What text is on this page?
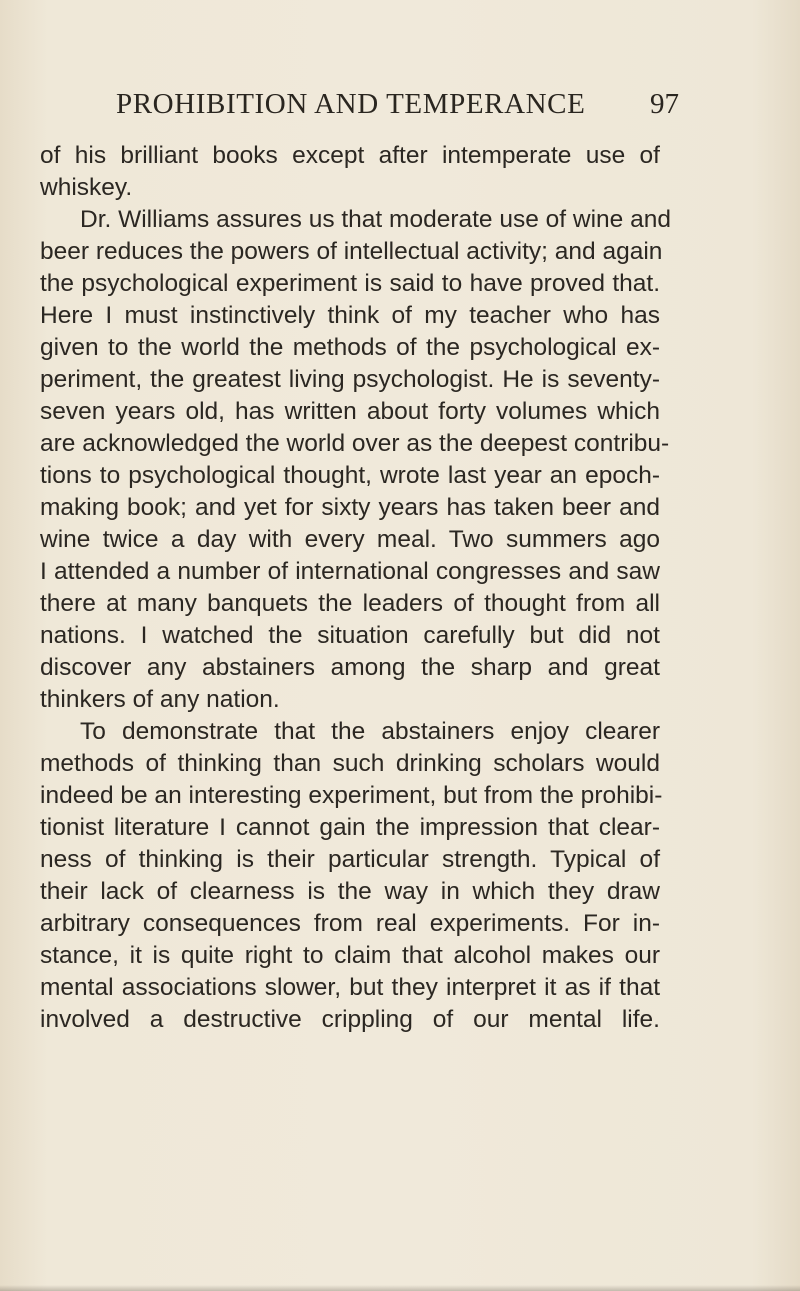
PROHIBITION AND TEMPERANCE 97
of his brilliant books except after intemperate use of
whiskey.
Dr. Williams assures us that moderate use of wine and
beer reduces the powers of intellectual activity; and again
the psychological experiment is said to have proved that.
Here I must instinctively think of my teacher who has
given to the world the methods of the psychological ex-
periment, the greatest living psychologist. He is seventy-
seven years old, has written about forty volumes which
are acknowledged the world over as the deepest contribu-
tions to psychological thought, wrote last year an epoch-
making book; and yet for sixty years has taken beer and
wine twice a day with every meal. Two summers ago
I attended a number of international congresses and saw
there at many banquets the leaders of thought from all
nations. I watched the situation carefully but did not
discover any abstainers among the sharp and great
thinkers of any nation.
To demonstrate that the abstainers enjoy clearer
methods of thinking than such drinking scholars would
indeed be an interesting experiment, but from the prohibi-
tionist literature I cannot gain the impression that clear-
ness of thinking is their particular strength. Typical of
their lack of clearness is the way in which they draw
arbitrary consequences from real experiments. For in-
stance, it is quite right to claim that alcohol makes our
mental associations slower, but they interpret it as if that
involved a destructive crippling of our mental life.
